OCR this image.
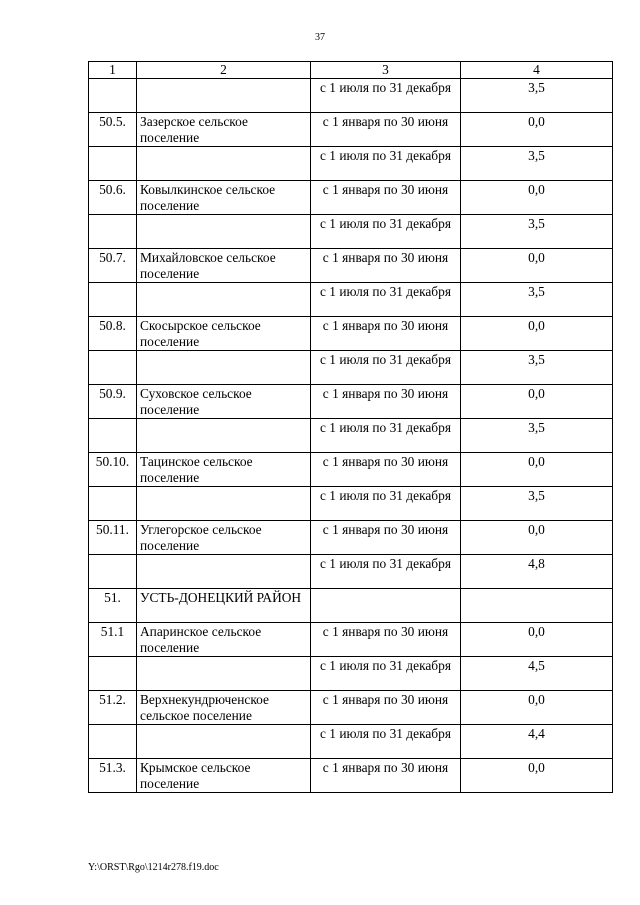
37
1	2	3	4
		с 1 июля по 31 декабря	3,5
50.5.	Зазерское сельское поселение	с 1 января по 30 июня	0,0
		с 1 июля по 31 декабря	3,5
50.6.	Ковылкинское сельское поселение	с 1 января по 30 июня	0,0
		с 1 июля по 31 декабря	3,5
50.7.	Михайловское сельское поселение	с 1 января по 30 июня	0,0
		с 1 июля по 31 декабря	3,5
50.8.	Скосырское сельское поселение	с 1 января по 30 июня	0,0
		с 1 июля по 31 декабря	3,5
50.9.	Суховское сельское поселение	с 1 января по 30 июня	0,0
		с 1 июля по 31 декабря	3,5
50.10.	Тацинское сельское поселение	с 1 января по 30 июня	0,0
		с 1 июля по 31 декабря	3,5
50.11.	Углегорское сельское поселение	с 1 января по 30 июня	0,0
		с 1 июля по 31 декабря	4,8
51.	УСТЬ-ДОНЕЦКИЙ РАЙОН		
51.1	Апаринское сельское поселение	с 1 января по 30 июня	0,0
		с 1 июля по 31 декабря	4,5
51.2.	Верхнекундрюченское сельское поселение	с 1 января по 30 июня	0,0
		с 1 июля по 31 декабря	4,4
51.3.	Крымское сельское поселение	с 1 января по 30 июня	0,0
Y:\ORST\Rgo\1214r278.f19.doc
